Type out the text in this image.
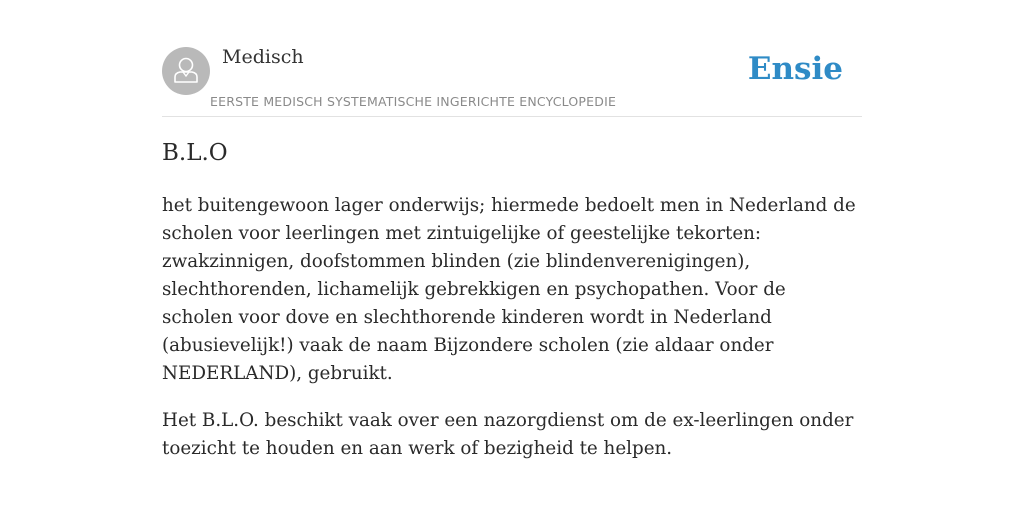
Medisch
EERSTE MEDISCH SYSTEMATISCHE INGERICHTE ENCYCLOPEDIE
Ensie
B.L.O

het buitengewoon lager onderwijs; hiermede bedoelt men in Nederland de scholen voor leerlingen met zintuigelijke of geestelijke tekorten: zwakzinnigen, doofstommen blinden (zie blindenverenigingen), slechthorenden, lichamelijk gebrekkigen en psychopathen. Voor de scholen voor dove en slechthorende kinderen wordt in Nederland (abusievelijk!) vaak de naam Bijzondere scholen (zie aldaar onder NEDERLAND), gebruikt.

Het B.L.O. beschikt vaak over een nazorgdienst om de ex-leerlingen onder toezicht te houden en aan werk of bezigheid te helpen.
